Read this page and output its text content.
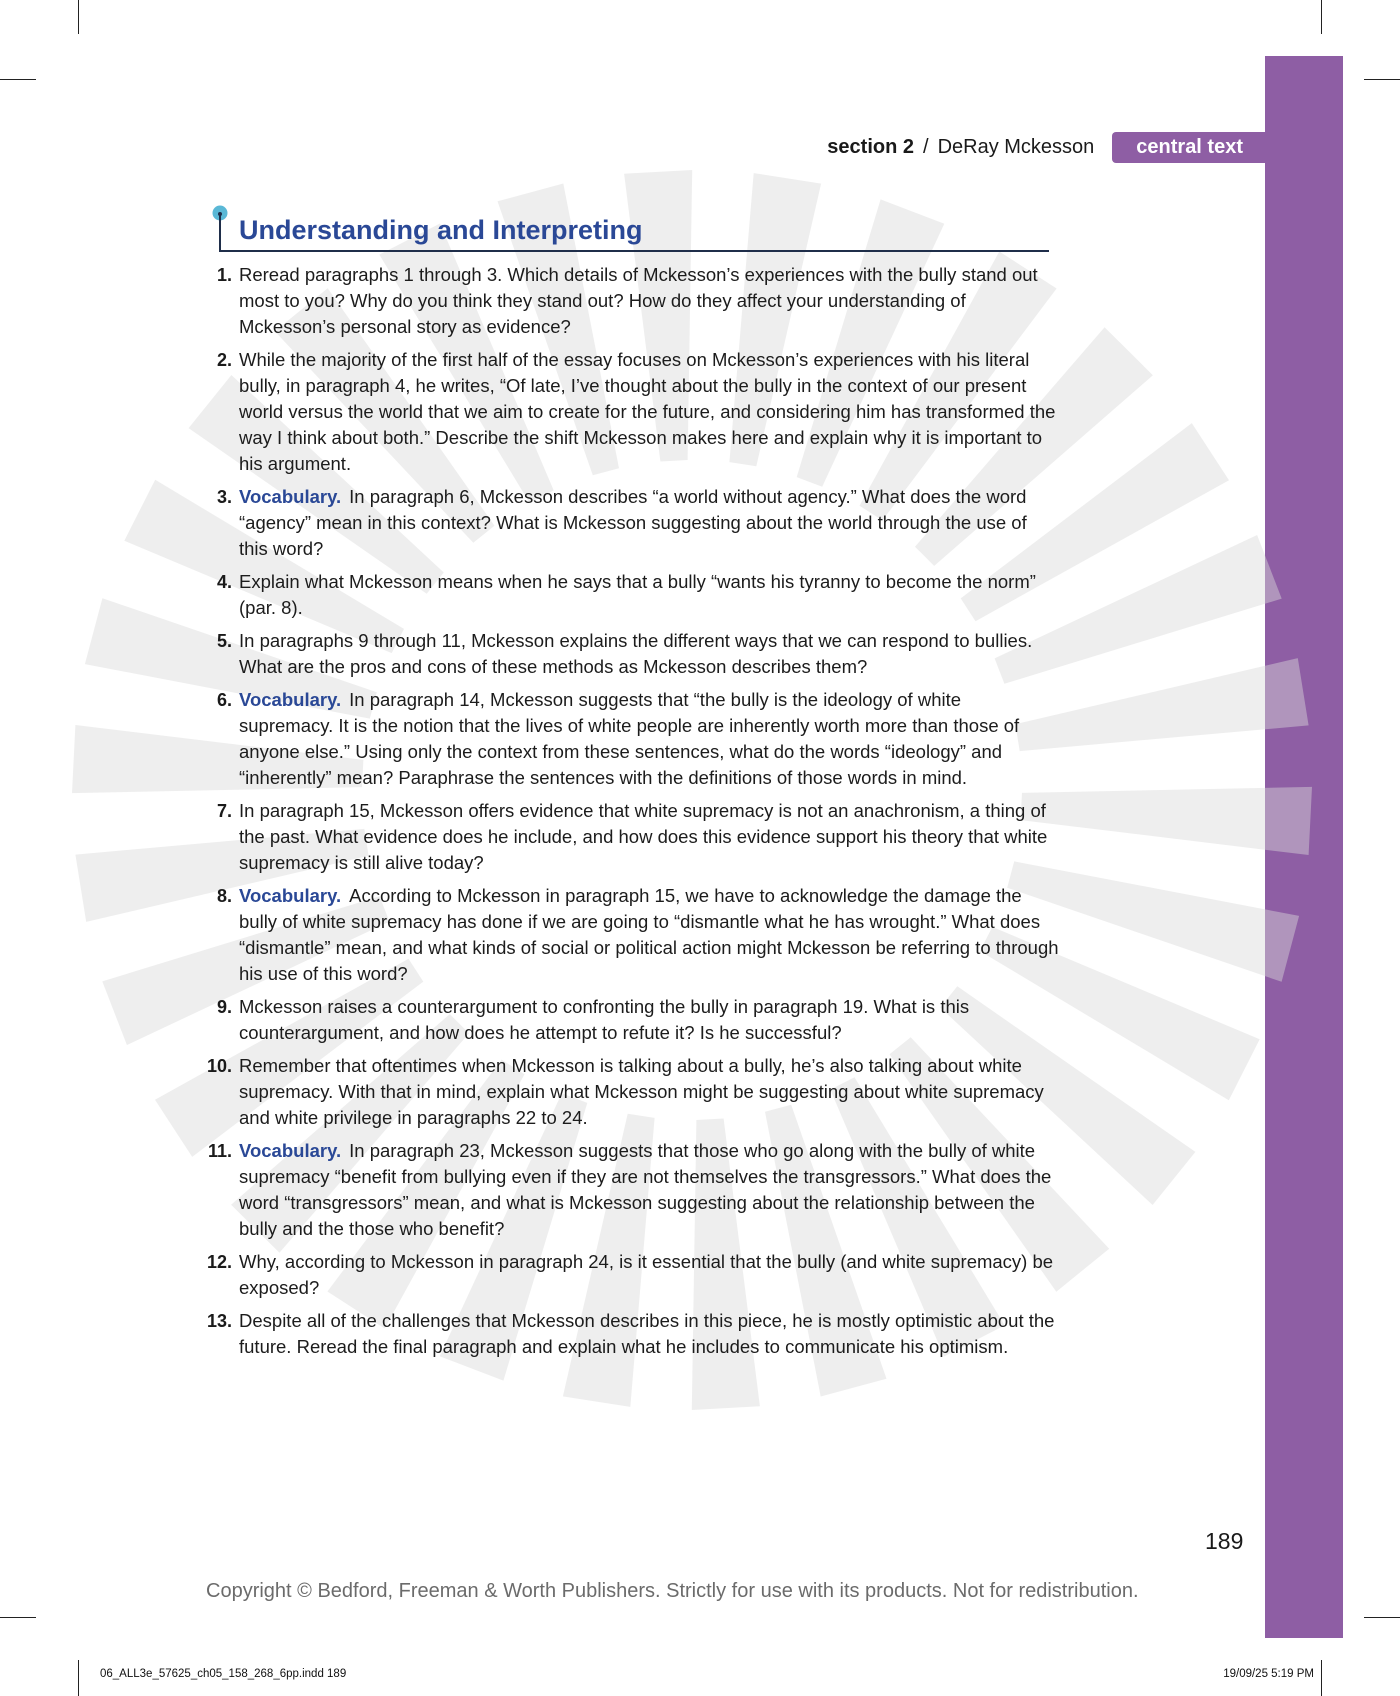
section 2 / DeRay Mckesson	central text
Understanding and Interpreting
1. Reread paragraphs 1 through 3. Which details of Mckesson’s experiences with the bully stand out most to you? Why do you think they stand out? How do they affect your understanding of Mckesson’s personal story as evidence?
2. While the majority of the first half of the essay focuses on Mckesson’s experiences with his literal bully, in paragraph 4, he writes, “Of late, I’ve thought about the bully in the context of our present world versus the world that we aim to create for the future, and considering him has transformed the way I think about both.” Describe the shift Mckesson makes here and explain why it is important to his argument.
3. Vocabulary. In paragraph 6, Mckesson describes “a world without agency.” What does the word “agency” mean in this context? What is Mckesson suggesting about the world through the use of this word?
4. Explain what Mckesson means when he says that a bully “wants his tyranny to become the norm” (par. 8).
5. In paragraphs 9 through 11, Mckesson explains the different ways that we can respond to bullies. What are the pros and cons of these methods as Mckesson describes them?
6. Vocabulary. In paragraph 14, Mckesson suggests that “the bully is the ideology of white supremacy. It is the notion that the lives of white people are inherently worth more than those of anyone else.” Using only the context from these sentences, what do the words “ideology” and “inherently” mean? Paraphrase the sentences with the definitions of those words in mind.
7. In paragraph 15, Mckesson offers evidence that white supremacy is not an anachronism, a thing of the past. What evidence does he include, and how does this evidence support his theory that white supremacy is still alive today?
8. Vocabulary. According to Mckesson in paragraph 15, we have to acknowledge the damage the bully of white supremacy has done if we are going to “dismantle what he has wrought.” What does “dismantle” mean, and what kinds of social or political action might Mckesson be referring to through his use of this word?
9. Mckesson raises a counterargument to confronting the bully in paragraph 19. What is this counterargument, and how does he attempt to refute it? Is he successful?
10. Remember that oftentimes when Mckesson is talking about a bully, he’s also talking about white supremacy. With that in mind, explain what Mckesson might be suggesting about white supremacy and white privilege in paragraphs 22 to 24.
11. Vocabulary. In paragraph 23, Mckesson suggests that those who go along with the bully of white supremacy “benefit from bullying even if they are not themselves the transgressors.” What does the word “transgressors” mean, and what is Mckesson suggesting about the relationship between the bully and the those who benefit?
12. Why, according to Mckesson in paragraph 24, is it essential that the bully (and white supremacy) be exposed?
13. Despite all of the challenges that Mckesson describes in this piece, he is mostly optimistic about the future. Reread the final paragraph and explain what he includes to communicate his optimism.
189
Copyright © Bedford, Freeman & Worth Publishers. Strictly for use with its products. Not for redistribution.
06_ALL3e_57625_ch05_158_268_6pp.indd 189	19/09/25 5:19 PM
